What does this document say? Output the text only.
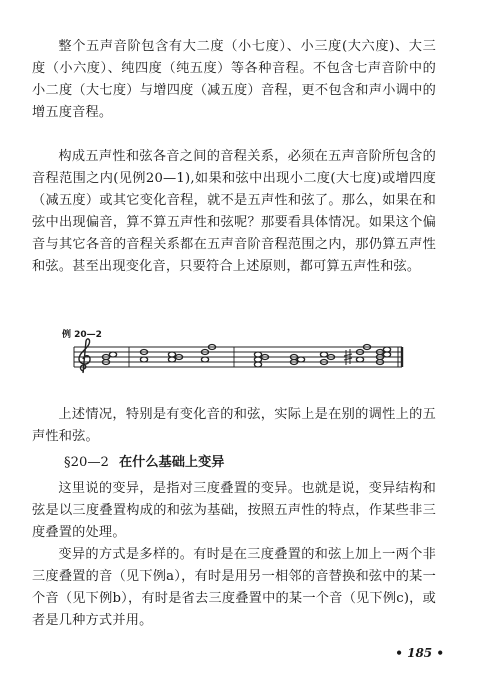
整个五声音阶包含有大二度（小七度）、小三度(大六度)、大三度（小六度）、纯四度（纯五度）等各种音程。不包含七声音阶中的小二度（大七度）与增四度（减五度）音程，更不包含和声小调中的增五度音程。

构成五声性和弦各音之间的音程关系，必须在五声音阶所包含的音程范围之内(见例20—1),如果和弦中出现小二度(大七度)或增四度（减五度）或其它变化音程，就不是五声性和弦了。那么，如果在和弦中出现偏音，算不算五声性和弦呢？那要看具体情况。如果这个偏音与其它各音的音程关系都在五声音阶音程范围之内，那仍算五声性和弦。甚至出现变化音，只要符合上述原则，都可算五声性和弦。

例 20—2

上述情况，特别是有变化音的和弦，实际上是在别的调性上的五声性和弦。

§20—2 在什么基础上变异

这里说的变异，是指对三度叠置的变异。也就是说，变异结构和弦是以三度叠置构成的和弦为基础，按照五声性的特点，作某些非三度叠置的处理。

变异的方式是多样的。有时是在三度叠置的和弦上加上一两个非三度叠置的音（见下例a），有时是用另一相邻的音替换和弦中的某一个音（见下例b），有时是省去三度叠置中的某一个音（见下例c)，或者是几种方式并用。

• 185 •
